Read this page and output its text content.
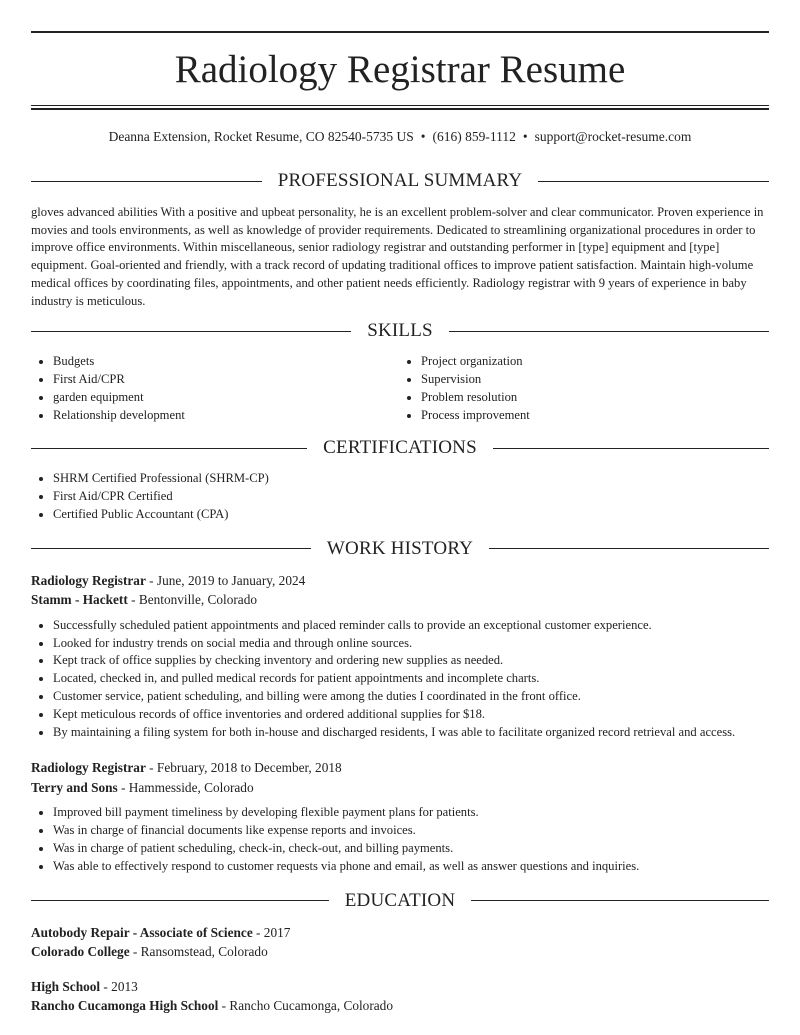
Radiology Registrar Resume
Deanna Extension, Rocket Resume, CO 82540-5735 US • (616) 859-1112 • support@rocket-resume.com
PROFESSIONAL SUMMARY

gloves advanced abilities With a positive and upbeat personality, he is an excellent problem-solver and clear communicator. Proven experience in movies and tools environments, as well as knowledge of provider requirements. Dedicated to streamlining organizational procedures in order to improve office environments. Within miscellaneous, senior radiology registrar and outstanding performer in [type] equipment and [type] equipment. Goal-oriented and friendly, with a track record of updating traditional offices to improve patient satisfaction. Maintain high-volume medical offices by coordinating files, appointments, and other patient needs efficiently. Radiology registrar with 9 years of experience in baby industry is meticulous.

SKILLS
• Budgets
• First Aid/CPR
• garden equipment
• Relationship development
• Project organization
• Supervision
• Problem resolution
• Process improvement
CERTIFICATIONS
• SHRM Certified Professional (SHRM-CP)
• First Aid/CPR Certified
• Certified Public Accountant (CPA)
WORK HISTORY
Radiology Registrar - June, 2019 to January, 2024
Stamm - Hackett - Bentonville, Colorado
• Successfully scheduled patient appointments and placed reminder calls to provide an exceptional customer experience.
• Looked for industry trends on social media and through online sources.
• Kept track of office supplies by checking inventory and ordering new supplies as needed.
• Located, checked in, and pulled medical records for patient appointments and incomplete charts.
• Customer service, patient scheduling, and billing were among the duties I coordinated in the front office.
• Kept meticulous records of office inventories and ordered additional supplies for $18.
• By maintaining a filing system for both in-house and discharged residents, I was able to facilitate organized record retrieval and access.
Radiology Registrar - February, 2018 to December, 2018
Terry and Sons - Hammesside, Colorado
• Improved bill payment timeliness by developing flexible payment plans for patients.
• Was in charge of financial documents like expense reports and invoices.
• Was in charge of patient scheduling, check-in, check-out, and billing payments.
• Was able to effectively respond to customer requests via phone and email, as well as answer questions and inquiries.
EDUCATION
Autobody Repair - Associate of Science - 2017
Colorado College - Ransomstead, Colorado
High School - 2013
Rancho Cucamonga High School - Rancho Cucamonga, Colorado
